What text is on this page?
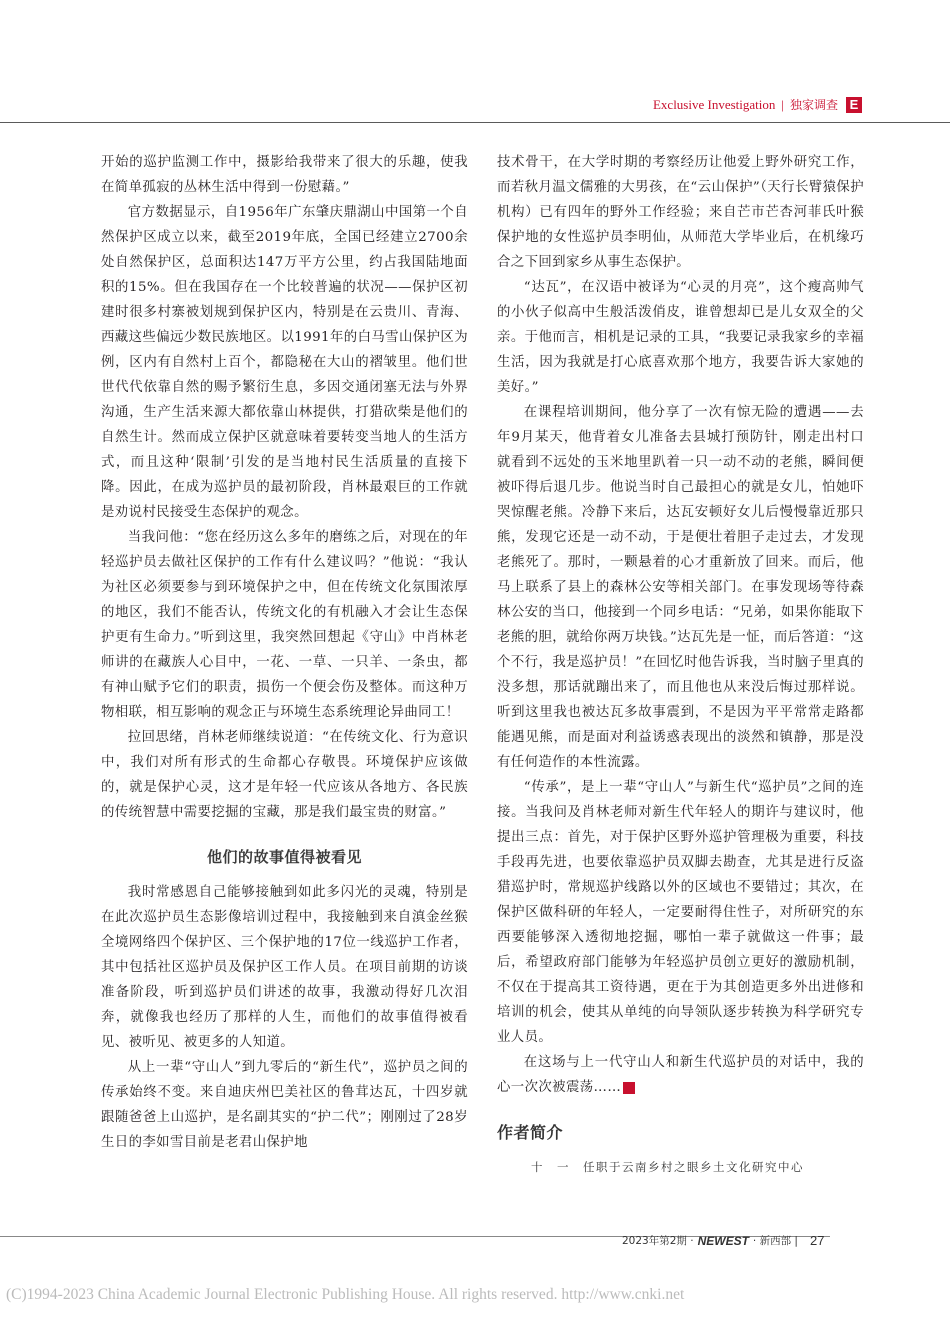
Exclusive Investigation | 独家调查 E

开始的巡护监测工作中，摄影给我带来了很大的乐趣，使我在简单孤寂的丛林生活中得到一份慰藉。”

官方数据显示，自1956年广东肇庆鼎湖山中国第一个自然保护区成立以来，截至2019年底，全国已经建立2700余处自然保护区，总面积达147万平方公里，约占我国陆地面积的15%。但在我国存在一个比较普遍的状况——保护区初建时很多村寨被划规到保护区内，特别是在云贵川、青海、西藏这些偏远少数民族地区。以1991年的白马雪山保护区为例，区内有自然村上百个，都隐秘在大山的褶皱里。他们世世代代依靠自然的赐予繁衍生息，多因交通闭塞无法与外界沟通，生产生活来源大都依靠山林提供，打猎砍柴是他们的自然生计。然而成立保护区就意味着要转变当地人的生活方式，而且这种‘限制’引发的是当地村民生活质量的直接下降。因此，在成为巡护员的最初阶段，肖林最艰巨的工作就是劝说村民接受生态保护的观念。

当我问他：“您在经历这么多年的磨练之后，对现在的年轻巡护员去做社区保护的工作有什么建议吗？”他说：“我认为社区必须要参与到环境保护之中，但在传统文化氛围浓厚的地区，我们不能否认，传统文化的有机融入才会让生态保护更有生命力。”听到这里，我突然回想起《守山》中肖林老师讲的在藏族人心目中，一花、一草、一只羊、一条虫，都有神山赋予它们的职责，损伤一个便会伤及整体。而这种万物相联，相互影响的观念正与环境生态系统理论异曲同工！

拉回思绪，肖林老师继续说道：“在传统文化、行为意识中，我们对所有形式的生命都心存敬畏。环境保护应该做的，就是保护心灵，这才是年轻一代应该从各地方、各民族的传统智慧中需要挖掘的宝藏，那是我们最宝贵的财富。”

他们的故事值得被看见

我时常感恩自己能够接触到如此多闪光的灵魂，特别是在此次巡护员生态影像培训过程中，我接触到来自滇金丝猴全境网络四个保护区、三个保护地的17位一线巡护工作者，其中包括社区巡护员及保护区工作人员。在项目前期的访谈准备阶段，听到巡护员们讲述的故事，我激动得好几次泪奔，就像我也经历了那样的人生，而他们的故事值得被看见、被听见、被更多的人知道。

从上一辈“守山人”到九零后的“新生代”，巡护员之间的传承始终不变。来自迪庆州巴美社区的鲁茸达瓦，十四岁就跟随爸爸上山巡护，是名副其实的“护二代”；刚刚过了28岁生日的李如雪目前是老君山保护地

技术骨干，在大学时期的考察经历让他爱上野外研究工作，而若秋月温文儒雅的大男孩，在“云山保护”（天行长臂猿保护机构）已有四年的野外工作经验；来自芒市芒杏河菲氏叶猴保护地的女性巡护员李明仙，从师范大学毕业后，在机缘巧合之下回到家乡从事生态保护。

“达瓦”，在汉语中被译为“心灵的月亮”，这个瘦高帅气的小伙子似高中生般活泼俏皮，谁曾想却已是儿女双全的父亲。于他而言，相机是记录的工具，“我要记录我家乡的幸福生活，因为我就是打心底喜欢那个地方，我要告诉大家她的美好。”

在课程培训期间，他分享了一次有惊无险的遭遇——去年9月某天，他背着女儿准备去县城打预防针，刚走出村口就看到不远处的玉米地里趴着一只一动不动的老熊，瞬间便被吓得后退几步。他说当时自己最担心的就是女儿，怕她吓哭惊醒老熊。冷静下来后，达瓦安顿好女儿后慢慢靠近那只熊，发现它还是一动不动，于是便壮着胆子走过去，才发现老熊死了。那时，一颗悬着的心才重新放了回来。而后，他马上联系了县上的森林公安等相关部门。在事发现场等待森林公安的当口，他接到一个同乡电话：“兄弟，如果你能取下老熊的胆，就给你两万块钱。”达瓦先是一怔，而后答道：“这个不行，我是巡护员！”在回忆时他告诉我，当时脑子里真的没多想，那话就蹦出来了，而且他也从来没后悔过那样说。听到这里我也被达瓦多故事震到，不是因为平平常常走路都能遇见熊，而是面对利益诱惑表现出的淡然和镇静，那是没有任何造作的本性流露。

“传承”，是上一辈“守山人”与新生代“巡护员”之间的连接。当我问及肖林老师对新生代年轻人的期许与建议时，他提出三点：首先，对于保护区野外巡护管理极为重要，科技手段再先进，也要依靠巡护员双脚去勘查，尤其是进行反盗猎巡护时，常规巡护线路以外的区域也不要错过；其次，在保护区做科研的年轻人，一定要耐得住性子，对所研究的东西要能够深入透彻地挖掘，哪怕一辈子就做这一件事；最后，希望政府部门能够为年轻巡护员创立更好的激励机制，不仅在于提高其工资待遇，更在于为其创造更多外出进修和培训的机会，使其从单纯的向导领队逐步转换为科学研究专业人员。

在这场与上一代守山人和新生代巡护员的对话中，我的心一次次被震荡……	E

作者简介
十　一　任职于云南乡村之眼乡土文化研究中心
2023年第2期 · NEWEST · 新西部 | 27
(C)1994-2023 China Academic Journal Electronic Publishing House. All rights reserved. http://www.cnki.net
